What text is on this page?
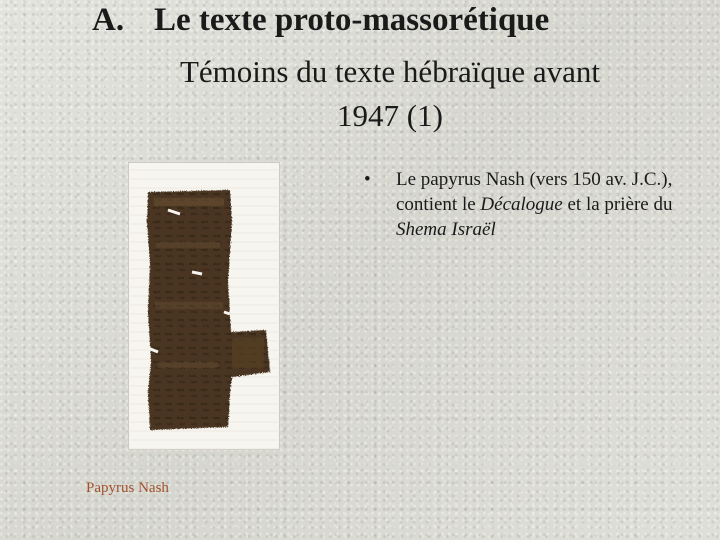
A. Le texte proto-massorétique
Témoins du texte hébraïque avant
1947 (1)
Papyrus Nash
• Le papyrus Nash (vers 150 av. J.C.), contient le Décalogue et la prière du Shema Israël
